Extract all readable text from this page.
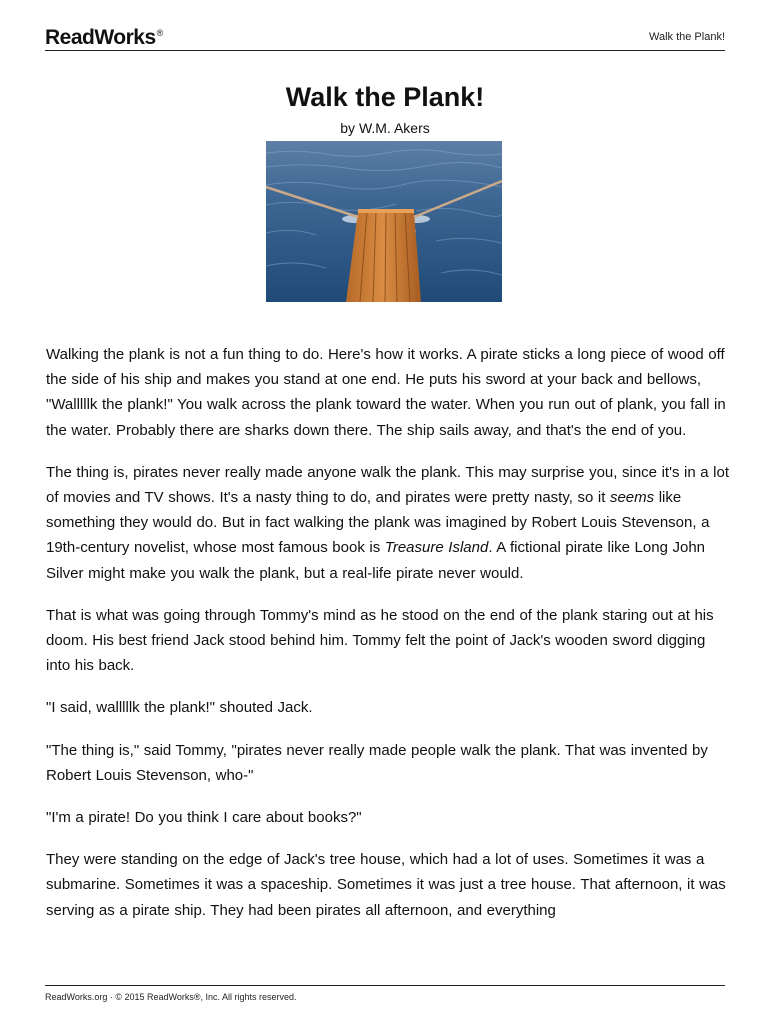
ReadWorks®	Walk the Plank!
Walk the Plank!
by W.M. Akers

Walking the plank is not a fun thing to do. Here's how it works. A pirate sticks a long piece of wood off the side of his ship and makes you stand at one end. He puts his sword at your back and bellows, "Walllllk the plank!" You walk across the plank toward the water. When you run out of plank, you fall in the water. Probably there are sharks down there. The ship sails away, and that's the end of you.

The thing is, pirates never really made anyone walk the plank. This may surprise you, since it's in a lot of movies and TV shows. It's a nasty thing to do, and pirates were pretty nasty, so it seems like something they would do. But in fact walking the plank was imagined by Robert Louis Stevenson, a 19th-century novelist, whose most famous book is Treasure Island. A fictional pirate like Long John Silver might make you walk the plank, but a real-life pirate never would.

That is what was going through Tommy's mind as he stood on the end of the plank staring out at his doom. His best friend Jack stood behind him. Tommy felt the point of Jack's wooden sword digging into his back.

"I said, walllllk the plank!" shouted Jack.

"The thing is," said Tommy, "pirates never really made people walk the plank. That was invented by Robert Louis Stevenson, who-"

"I'm a pirate! Do you think I care about books?"

They were standing on the edge of Jack's tree house, which had a lot of uses. Sometimes it was a submarine. Sometimes it was a spaceship. Sometimes it was just a tree house. That afternoon, it was serving as a pirate ship. They had been pirates all afternoon, and everything

ReadWorks.org · © 2015 ReadWorks®, Inc. All rights reserved.
